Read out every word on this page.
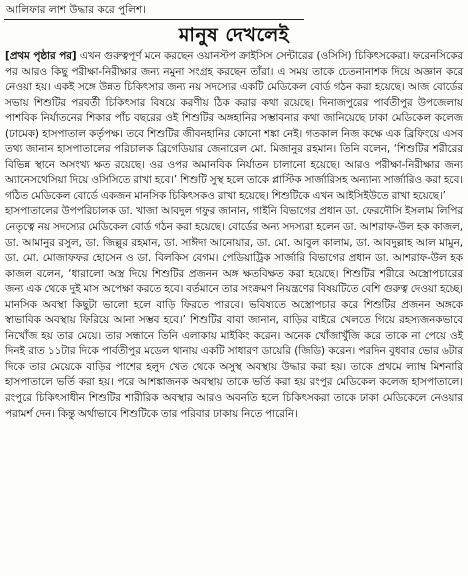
আলিফার লাশ উদ্ধার করে পুলিশ।
মানুষ দেখলেই

[প্রথম পৃষ্ঠার পর] এখন গুরুত্বপূর্ণ মনে করছেন ওয়ানস্টপ ক্রাইসিস সেন্টারের (ওসিসি) চিকিৎসকেরা। ফরেনসিকের পর আরও কিছু পরীক্ষা-নিরীক্ষার জন্য নমুনা সংগ্রহ করছেন তাঁরা। এ সময় তাকে চেতনানাশক দিয়ে অজ্ঞান করে নেওয়া হয়। একই সঙ্গে উন্নত চিকিৎসার জন্য নয় সদস্যের একটি মেডিকেল বোর্ড গঠন করা হয়েছে। আজ বোর্ডের সভায় শিশুটির পরবর্তী চিকিৎসার বিষয়ে করণীয় ঠিক করার কথা রয়েছে। দিনাজপুরের পার্বতীপুর উপজেলায় পাশবিক নির্যাতনের শিকার পাঁচ বছরের ওই শিশুটির অঙ্গহানির সম্ভাবনার কথা জানিয়েছে ঢাকা মেডিকেল কলেজ (ঢামেক) হাসপাতাল কর্তৃপক্ষ। তবে শিশুটির জীবনহানির কোনো শঙ্কা নেই। গতকাল নিজ কক্ষে এক ব্রিফিংয়ে এসব তথ্য জানান হাসপাতালের পরিচালক ব্রিগেডিয়ার জেনারেল মো. মিজানুর রহমান। তিনি বলেন, ‘শিশুটির শরীরের বিভিন্ন স্থানে অসংখ্য ক্ষত রয়েছে। ওর ওপর অমানবিক নির্যাতন চালানো হয়েছে। আরও পরীক্ষা-নিরীক্ষার জন্য অ্যানেসথেসিয়া দিয়ে ওসিসিতে রাখা হবে।’ শিশুটি সুস্থ হলে তাকে প্লাস্টিক সার্জারিসহ অন্যান্য সার্জারিও করা হবে। গঠিত মেডিকেল বোর্ডে একজন মানসিক চিকিৎসকও রাখা হয়েছে। শিশুটিকে এখন আইসিইউতে রাখা হয়েছে।’

হাসপাতালের উপপরিচালক ডা. খাজা আবদুল গফুর জানান, গাইনি বিভাগের প্রধান ডা. ফেরদৌসি ইসলাম লিপির নেতৃত্বে নয় সদস্যের মেডিকেল বোর্ড গঠন করা হয়েছে। বোর্ডের অন্য সদস্যরা হলেন ডা. আশরাফ-উল হক কাজল, ডা. আমানুর রসুল, ডা. জিল্লুর রহমান, ডা. সাঈদা আনোয়ার, ডা. মো. আবুল কালাম, ডা. আবদুল্লাহ আল মামুন, ডা. মো. মোজাফফর হোসেন ও ডা. বিলকিস বেগম। পেডিয়াট্রিক সার্জারি বিভাগের প্রধান ডা. আশরাফ-উল হক কাজল বলেন, ‘ধারালো অস্ত্র দিয়ে শিশুটির প্রজনন অঙ্গ ক্ষতবিক্ষত করা হয়েছে। শিশুটির শরীরে অস্ত্রোপচারের জন্য এক থেকে দুই মাস অপেক্ষা করতে হবে। বর্তমানে তার সংক্রমণ নিয়ন্ত্রণের বিষয়টিতে বেশি গুরুত্ব দেওয়া হচ্ছে। মানসিক অবস্থা কিছুটা ভালো হলে বাড়ি ফিরতে পারবে। ভবিষ্যতে অস্ত্রোপচার করে শিশুটির প্রজনন অঙ্গকে স্বাভাবিক অবস্থায় ফিরিয়ে আনা সম্ভব হবে।’ শিশুটির বাবা জানান, বাড়ির বাইরে খেলতে গিয়ে রহস্যজনকভাবে নিখোঁজ হয় তার মেয়ে। তার সন্ধানে তিনি এলাকায় মাইকিং করেন। অনেক খোঁজাখুঁজি করে তাকে না পেয়ে ওই দিনই রাত ১১টার দিকে পার্বতীপুর মডেল থানায় একটি সাধারণ ডায়েরি (জিডি) করেন। পরদিন বুধবার ভোর ৬টার দিকে তার মেয়েকে বাড়ির পাশের হলুদ খেত থেকে অসুস্থ অবস্থায় উদ্ধার করা হয়। তাকে প্রথমে ল্যাম্ব মিশনারি হাসপাতালে ভর্তি করা হয়। পরে আশঙ্কাজনক অবস্থায় তাকে ভর্তি করা হয় রংপুর মেডিকেল কলেজ হাসপাতালে। রংপুরে চিকিৎসাধীন শিশুটির শারীরিক অবস্থার আরও অবনতি হলে চিকিৎসকরা তাকে ঢাকা মেডিকেলে নেওয়ার পরামর্শ দেন। কিন্তু অর্থাভাবে শিশুটিকে তার পরিবার ঢাকায় নিতে পারেনি।
